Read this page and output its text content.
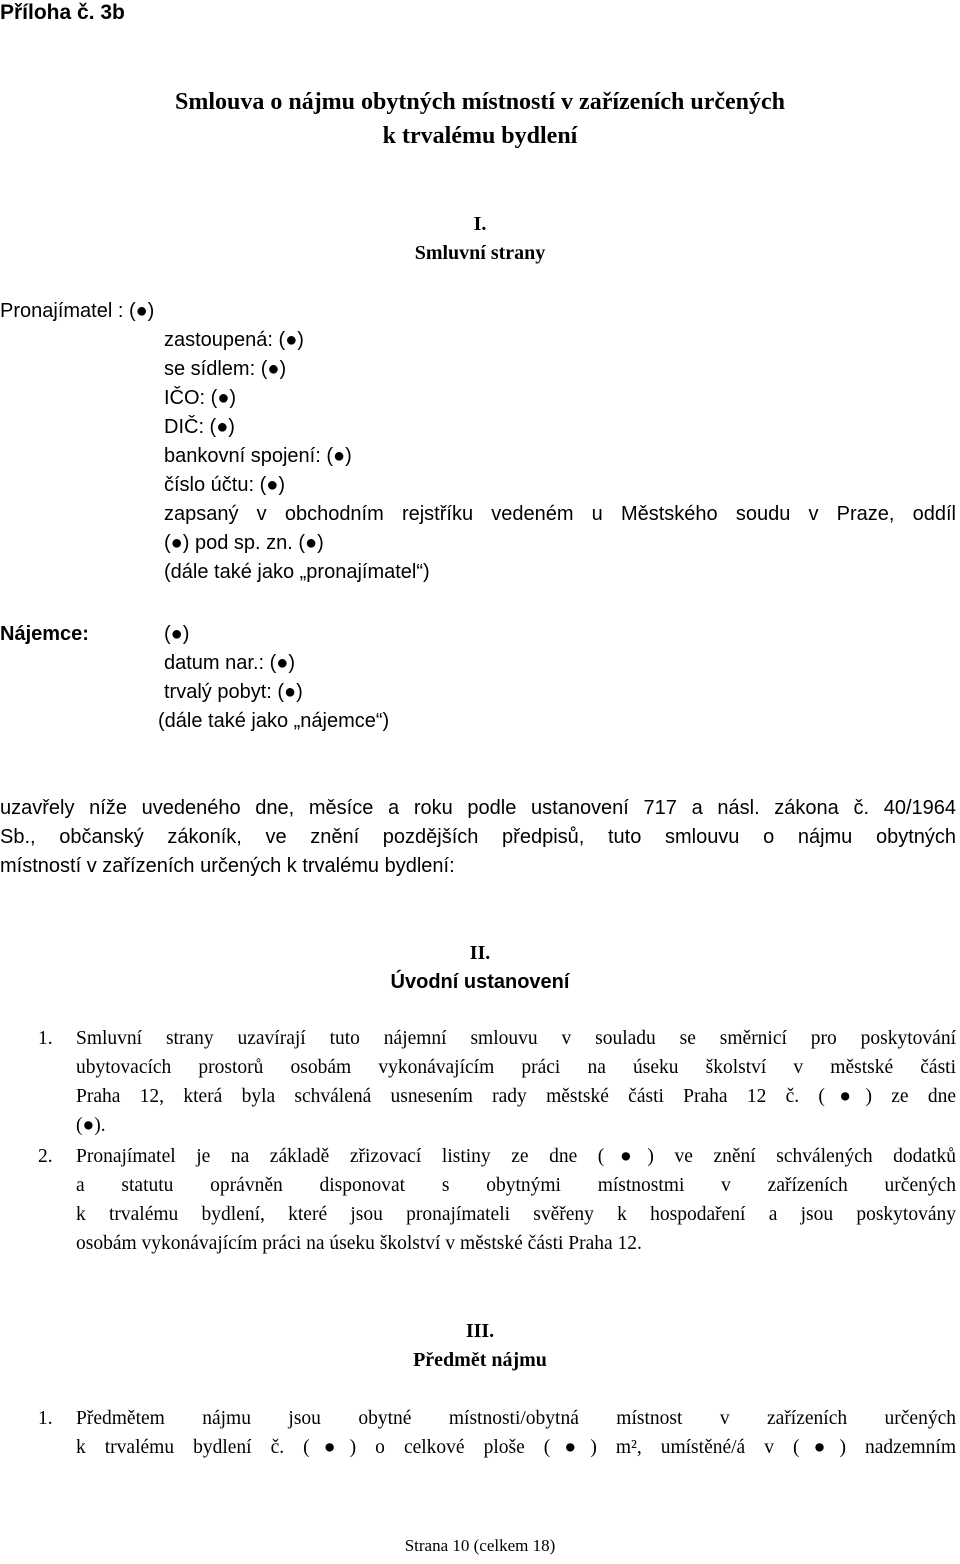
Příloha č. 3b
Smlouva o nájmu obytných místností v zařízeních určených
k trvalému bydlení
I.
Smluvní strany
Pronajímatel : (●)
zastoupená: (●)
se sídlem: (●)
IČO: (●)
DIČ: (●)
bankovní spojení: (●)
číslo účtu: (●)
zapsaný v obchodním rejstříku vedeném u Městského soudu v Praze, oddíl
(●) pod sp. zn. (●)
(dále také jako „pronajímatel“)
Nájemce:	(●)
datum nar.: (●)
trvalý pobyt: (●)
(dále také jako „nájemce“)
uzavřely níže uvedeného dne, měsíce a roku podle ustanovení 717 a násl. zákona č. 40/1964
Sb., občanský zákoník, ve znění pozdějších předpisů, tuto smlouvu o nájmu obytných
místností v zařízeních určených k trvalému bydlení:
II.
Úvodní ustanovení
1. Smluvní strany uzavírají tuto nájemní smlouvu v souladu se směrnicí pro poskytování
ubytovacích prostorů osobám vykonávajícím práci na úseku školství v městské části
Praha 12, která byla schválená usnesením rady městské části Praha 12 č. (●) ze dne
(●).
2. Pronajímatel je na základě zřizovací listiny ze dne (●) ve znění schválených dodatků
a statutu oprávněn disponovat s obytnými místnostmi v zařízeních určených
k trvalému bydlení, které jsou pronajímateli svěřeny k hospodaření a jsou poskytovány
osobám vykonávajícím práci na úseku školství v městské části Praha 12.
III.
Předmět nájmu
1. Předmětem nájmu jsou obytné místnosti/obytná místnost v zařízeních určených
k trvalému bydlení č. (●) o celkové ploše (●) m², umístěné/á v (●) nadzemním
Strana 10 (celkem 18)
